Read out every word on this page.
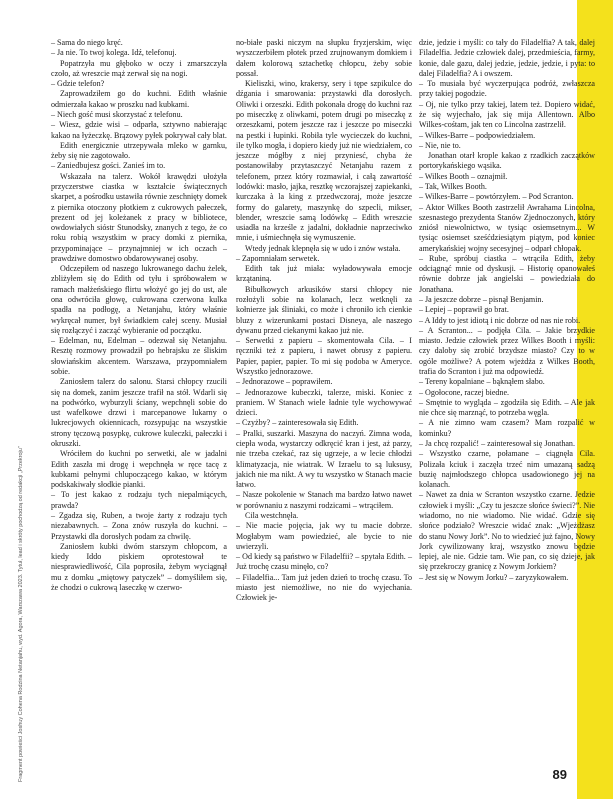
Fragment powieści Joshuy Cohena Rodzina Netanjahu, wyd. Agora, Warszawa 2023. Tytuł, lead i skróty pochodzą od redakcji „Przekroju”

– Sama do niego kręć.

– Ja nie. To twoj kolega. Idź, telefonuj.

Popatrzyła mu głęboko w oczy i zmarszczyła czoło, aż wreszcie mąż zerwał się na nogi.

– Gdzie telefon?

Zaprowadziłem go do kuchni. Edith właśnie odmierzała kakao w proszku nad kubkami.

– Niech gość musi skorzystać z telefonu.

– Wiesz, gdzie wisi – odparła, sztywno nabierając kakao na łyżeczkę. Brązowy pyłek pokrywał cały blat.

Edith energicznie utrzepywała mleko w garnku, żeby się nie zagotowało.

– Zaniedbujesz gości. Zanieś im to.

Wskazała na talerz. Wokół krawędzi ułożyła przyczerstwe ciastka w kształcie świątecznych skarpet, a pośrodku ustawiła równie zeschnięty domek z piernika otoczony płotkiem z cukrowych pałeczek, prezent od jej koleżanek z pracy w bibliotece, owdowiałych sióstr Stunodsky, znanych z tego, że co roku robią wszystkim w pracy domki z piernika, przypominające – przynajmniej w ich oczach – prawdziwe domostwo obdarowywanej osoby.

Odczepiłem od naszego lukrowanego dachu żelek, zbliżyłem się do Edith od tyłu i spróbowałem w ramach małżeńskiego flirtu włożyć go jej do ust, ale ona odwróciła głowę, cukrowana czerwona kulka spadła na podłogę, a Netanjahu, który właśnie wykręcał numer, był świadkiem całej sceny. Musiał się rozłączyć i zacząć wybieranie od początku.

– Edelman, nu, Edelman – odezwał się Netanjahu. Resztę rozmowy prowadził po hebrajsku ze śliskim słowiańskim akcentem. Warszawa, przypomniałem sobie.

Zaniosłem talerz do salonu. Starsi chłopcy rzucili się na domek, zanim jeszcze trafił na stół. Wdarli się na podwórko, wyburzyli ściany, wepchnęli sobie do ust wafelkowe drzwi i marcepanowe lukarny o lukrecjowych okiennicach, rozsypując na wszystkie strony tęczową posypkę, cukrowe kuleczki, pałeczki i okruszki.

Wróciłem do kuchni po serwetki, ale w jadalni Edith zaszła mi drogę i wepchnęła w ręce tacę z kubkami pełnymi chlupoczącego kakao, w którym podskakiwały słodkie pianki.

– To jest kakao z rodzaju tych niepalmiących, prawda?

– Zgadza się, Ruben, a twoje żarty z rodzaju tych niezabawnych. – Zona znów ruszyła do kuchni. – Przystawki dla dorosłych podam za chwilę.

Zaniosłem kubki dwóm starszym chłopcom, a kiedy Iddo piskiem oprotestował te niesprawiedliwość, Cila poprosiła, żebym wyciągnął mu z domku „miętowy patyczek” – domyśliłem się, że chodzi o cukrową laseczkę w czerwo-

no-białe paski niczym na słupku fryzjerskim, więc wyszczerbiłem płotek przed zrujnowanym domkiem i dałem kolorową sztachetkę chłopcu, żeby sobie possał.

Kieliszki, wino, krakersy, sery i tępe szpikulce do dźgania i smarowania: przystawki dla dorosłych. Oliwki i orzeszki. Edith pokonała drogę do kuchni raz po miseczkę z oliwkami, potem drugi po miseczkę z orzeszkami, potem jeszcze raz i jeszcze po miseczki na pestki i łupinki. Robiła tyle wycieczek do kuchni, ile tylko mogła, i dopiero kiedy już nie wiedziałem, co jeszcze mógłby z niej przyniesć, chyba że postanowiłaby przytaszczyć Netanjahu razem z telefonem, przez który rozmawiał, i całą zawartość lodówki: masło, jajka, resztkę wczorajszej zapiekanki, kurczaka à la king z przedwczoraj, może jeszcze formy do galarety, maszynkę do szpecli, mikser, blender, wreszcie samą lodówkę – Edith wreszcie usiadła na krześle z jadalni, dokładnie naprzeciwko mnie, i uśmiechnęła się wymuszenie.

Wtedy jednak klepnęła się w udo i znów wstała.

– Zapomniałam serwetek.

Edith tak już miała: wyładowywała emocje krzątaniną.

Bibułkowych arkusików starsi chłopcy nie rozłożyli sobie na kolanach, lecz wetknęli za kołnierze jak śliniaki, co może i chroniło ich cienkie bluzy z wizerunkami postaci Disneya, ale naszego dywanu przed ciekanymi kakao już nie.

– Serwetki z papieru – skomentowała Cila. – I ręczniki też z papieru, i nawet obrusy z papieru. Papier, papier, papier. To mi się podoba w Ameryce. Wszystko jednorazowe.

– Jednorazowe – poprawiłem.

– Jednorazowe kubeczki, talerze, miski. Koniec z praniem. W Stanach wiele ładnie tyle wychowywać dzieci.

– Czyżby? – zainteresowała się Edith.

– Pralki, suszarki. Maszyna do naczyń. Zimna woda, ciepła woda, wystarczy odkręcić kran i jest, aż parzy, nie trzeba czekać, raz się ugrzeje, a w lecie chłodzi klimatyzacja, nie wiatrak. W Izraelu to są luksusy, jakich nie ma nikt. A wy tu wszystko w Stanach macie łatwo.

– Nasze pokolenie w Stanach ma bardzo łatwo nawet w porównaniu z naszymi rodzicami – wtrąciłem.

Cila westchnęła.

– Nie macie pojęcia, jak wy tu macie dobrze. Mogłabym wam powiedzieć, ale bycie to nie uwierzyli.

– Od kiedy są państwo w Filadelfii? – spytała Edith. – Już trochę czasu minęło, co?

– Filadelfia... Tam już jeden dzień to trochę czasu. To miasto jest niemożliwe, no nie do wyjechania. Człowiek je-

dzie, jedzie i myśli: co tały do Filadelfia? A tak, dalej Filadelfia. Jedzie człowiek dalej, przedmieścia, farmy, konie, dale gazu, dalej jedzie, jedzie, jedzie, i pyta: to dalej Filadelfia? A i owszem.

– To musiała być wyczerpująca podróż, zwłaszcza przy takiej pogodzie.

– Oj, nie tylko przy takiej, latem też. Dopiero widać, że się wyjechało, jak się mija Allentown. Albo Wilkes-cośtam, jak ten co Lincolna zastrzelił.

– Wilkes-Barre – podpowiedziałem.

– Nie, nie to.

Jonathan otarł krople kakao z rzadkich zaczątków portorykańskiego wąsika.

– Wilkes Booth – oznajmił.

– Tak, Wilkes Booth.

– Wilkes-Barre – powtórzyłem. – Pod Scranton.

– Aktor Wilkes Booth zastrzelił Awrahama Lincolna, szesnastego prezydenta Stanów Zjednoczonych, który zniósł niewolnictwo, w tysiąc osiemsetnym... W tysiąc osiemset sześćdziesiątym piątym, pod koniec amerykańskiej wojny secesyjnej – odparł chłopak.

– Rube, spróbuj ciastka – wtrąciła Edith, żeby odciągnąć mnie od dyskusji. – Historię opanowałeś równie dobrze jak angielski – powiedziała do Jonathana.

– Ja jeszcze dobrze – pisnął Benjamin.

– Lepiej – poprawił go brat.

– A Iddy to jest idiotą i nic dobrze od nas nie robi.

– A Scranton... – podjęła Cila. – Jakie brzydkie miasto. Jedzie człowiek przez Wilkes Booth i myśli: czy daloby się zrobić brzydsze miasto? Czy to w ogóle możliwe? A potem wjeżdża z Wilkes Booth, trafia do Scranton i już ma odpowiedź.

– Tereny kopalniane – bąknąłem słabo.

– Ogołocone, raczej biedne.

– Smętnie to wygląda – zgodziła się Edith. – Ale jak nie chce się marznąć, to potrzeba węgla.

– A nie zimno wam czasem? Mam rozpalić w kominku?

– Ja chcę rozpalić! – zainteresował się Jonathan.

– Wszystko czarne, połamane – ciągnęła Cila. Polizała kciuk i zaczęła trzeć nim umazaną sadzą buzię najmłodszego chłopca usadowionego jej na kolanach.

– Nawet za dnia w Scranton wszystko czarne. Jedzie człowiek i myśli: „Czy tu jeszcze słońce świeci?”. Nie wiadomo, no nie wiadomo. Nie widać. Gdzie się słońce podziało? Wreszcie widać znak: „Wjeżdżasz do stanu Nowy Jork”. No to wiedzieć już fajno, Nowy Jork cywilizowany kraj, wszystko znowu będzie lepiej, ale nie. Gdzie tam. Wie pan, co się dzieje, jak się przekroczy granicę z Nowym Jorkiem?

– Jest się w Nowym Jorku? – zaryzykowałem.

89
